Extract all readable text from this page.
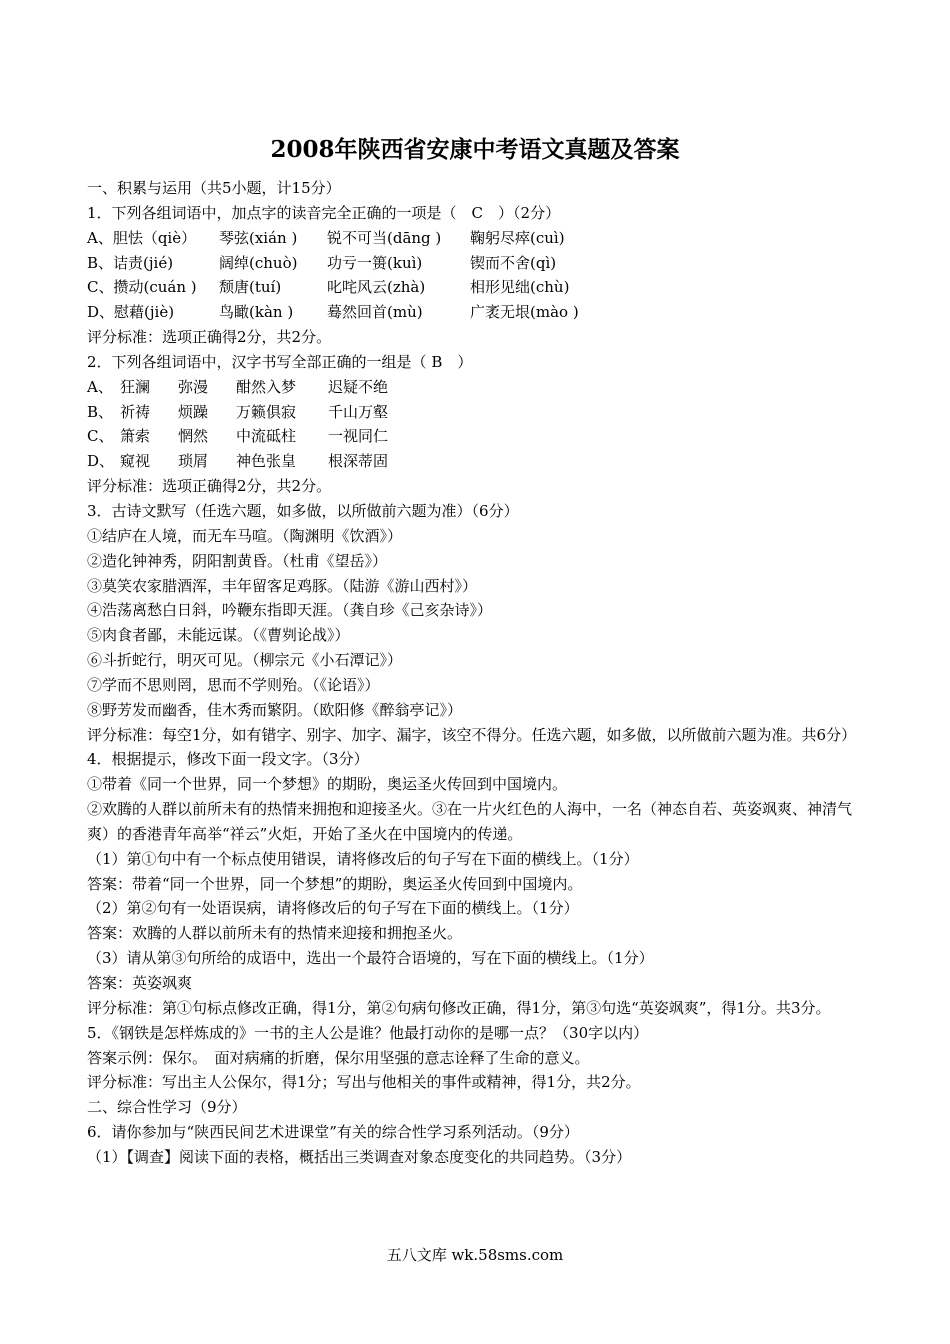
2008年陕西省安康中考语文真题及答案
一、积累与运用（共5小题，计15分）
1．下列各组词语中，加点字的读音完全正确的一项是（　C　）（2分）
A、胆怯（qiè）	琴弦(xián )	锐不可当(dāng )	鞠躬尽瘁(cuì)
B、诘责(jié)	阔绰(chuò)	功亏一篑(kuì)	锲而不舍(qì)
C、攒动(cuán )	颓唐(tuí)	叱咤风云(zhà)	相形见绌(chù)
D、慰藉(jiè)	鸟瞰(kàn )	蓦然回首(mù)	广袤无垠(mào )
评分标准：选项正确得2分，共2分。
2．下列各组词语中，汉字书写全部正确的一组是（ B　）
A、 狂澜	弥漫	酣然入梦	迟疑不绝
B、 祈祷	烦躁	万籁俱寂	千山万壑
C、 箫索	惘然	中流砥柱	一视同仁
D、 窥视	琐屑	神色张皇	根深蒂固
评分标准：选项正确得2分，共2分。
3．古诗文默写（任选六题，如多做，以所做前六题为准）（6分）
①结庐在人境，而无车马喧。（陶渊明《饮酒》）
②造化钟神秀，阴阳割黄昏。（杜甫《望岳》）
③莫笑农家腊酒浑，丰年留客足鸡豚。（陆游《游山西村》）
④浩荡离愁白日斜，吟鞭东指即天涯。（龚自珍《己亥杂诗》）
⑤肉食者鄙，未能远谋。（《曹刿论战》）
⑥斗折蛇行，明灭可见。（柳宗元《小石潭记》）
⑦学而不思则罔，思而不学则殆。（《论语》）
⑧野芳发而幽香，佳木秀而繁阴。（欧阳修《醉翁亭记》）
评分标准：每空1分，如有错字、别字、加字、漏字，该空不得分。任选六题，如多做，以所做前六题为准。共6分）
4．根据提示，修改下面一段文字。（3分）
①带着《同一个世界，同一个梦想》的期盼，奥运圣火传回到中国境内。
②欢腾的人群以前所未有的热情来拥抱和迎接圣火。③在一片火红色的人海中，一名（神态自若、英姿飒爽、神清气爽）的香港青年高举“祥云”火炬，开始了圣火在中国境内的传递。
（1）第①句中有一个标点使用错误，请将修改后的句子写在下面的横线上。（1分）
答案：带着“同一个世界，同一个梦想”的期盼，奥运圣火传回到中国境内。
（2）第②句有一处语误病，请将修改后的句子写在下面的横线上。（1分）
答案：欢腾的人群以前所未有的热情来迎接和拥抱圣火。
（3）请从第③句所给的成语中，选出一个最符合语境的，写在下面的横线上。（1分）
答案：英姿飒爽
评分标准：第①句标点修改正确，得1分，第②句病句修改正确，得1分，第③句选“英姿飒爽”，得1分。共3分。
5．《钢铁是怎样炼成的》一书的主人公是谁？他最打动你的是哪一点？（30字以内）
答案示例：保尔。　面对病痛的折磨，保尔用坚强的意志诠释了生命的意义。
评分标准：写出主人公保尔，得1分；写出与他相关的事件或精神，得1分，共2分。
二、综合性学习（9分）
6．请你参加与“陕西民间艺术进课堂”有关的综合性学习系列活动。（9分）
（1）【调查】阅读下面的表格，概括出三类调查对象态度变化的共同趋势。（3分）
五八文库 wk.58sms.com
